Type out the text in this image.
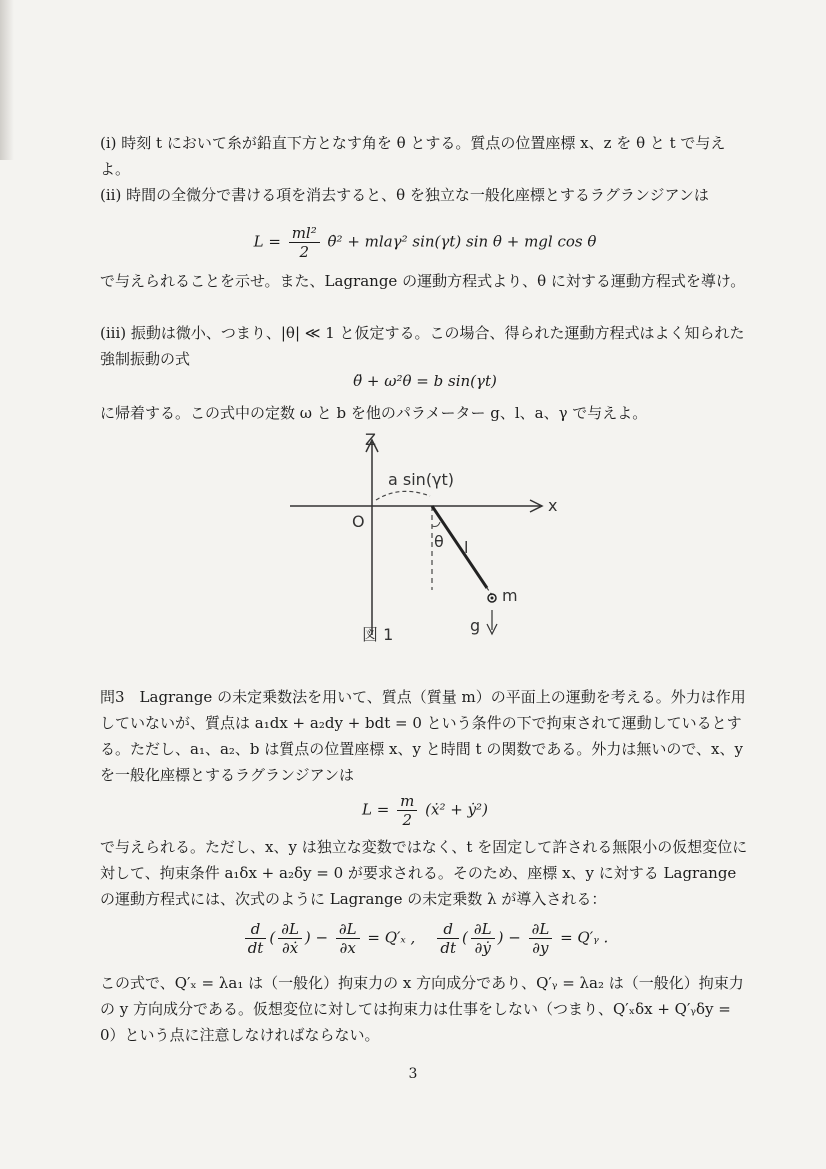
(i) 時刻 t において糸が鉛直下方となす角を θ とする。質点の位置座標 x、z を θ と t で与えよ。

(ii) 時間の全微分で書ける項を消去すると、θ を独立な一般化座標とするラグランジアンは

$L = \frac{\text{ml²}}{2}$ θ̇² + mlaγ² sin(γt) sin θ + mgl cos θ

で与えられることを示せ。また、Lagrange の運動方程式より、θ に対する運動方程式を導け。

(iii) 振動は微小、つまり、|θ| ≪ 1 と仮定する。この場合、得られた運動方程式はよく知られた強制振動の式

θ̈ + ω²θ = b sin(γt)

に帰着する。この式中の定数 ω と b を他のパラメーター g、l、a、γ で与えよ。

Z
x
O
a sin(γt)
θ l
m
g
図 1

問3　Lagrange の未定乗数法を用いて、質点（質量 m）の平面上の運動を考える。外力は作用していないが、質点は a₁dx + a₂dy + bdt = 0 という条件の下で拘束されて運動しているとする。ただし、a₁、a₂、b は質点の位置座標 x、y と時間 t の関数である。外力は無いので、x、y を一般化座標とするラグランジアンは

$L = \frac{m}{2}$ (ẋ² + ẏ²)

で与えられる。ただし、x、y は独立な変数ではなく、t を固定して許される無限小の仮想変位に対して、拘束条件 a₁δx + a₂δy = 0 が要求される。そのため、座標 x、y に対する Lagrange の運動方程式には、次式のように Lagrange の未定乗数 λ が導入される：

$\frac{d}{dt}$ ( $\frac{\partial L}{\text{∂ẋ}}$ ) − $\frac{\partial L}{\partial x} = Q'_x$ , $\frac{d}{dt}$ ( $\frac{\partial L}{\text{∂ẏ}}$ ) − $\frac{\partial L}{\partial y}$ = Q′ᵧ .

この式で、Q′ₓ = λa₁ は（一般化）拘束力の x 方向成分であり、Q′ᵧ = λa₂ は（一般化）拘束力の y 方向成分である。仮想変位に対しては拘束力は仕事をしない（つまり、Q′ₓδx + Q′ᵧδy = 0）という点に注意しなければならない。

3
